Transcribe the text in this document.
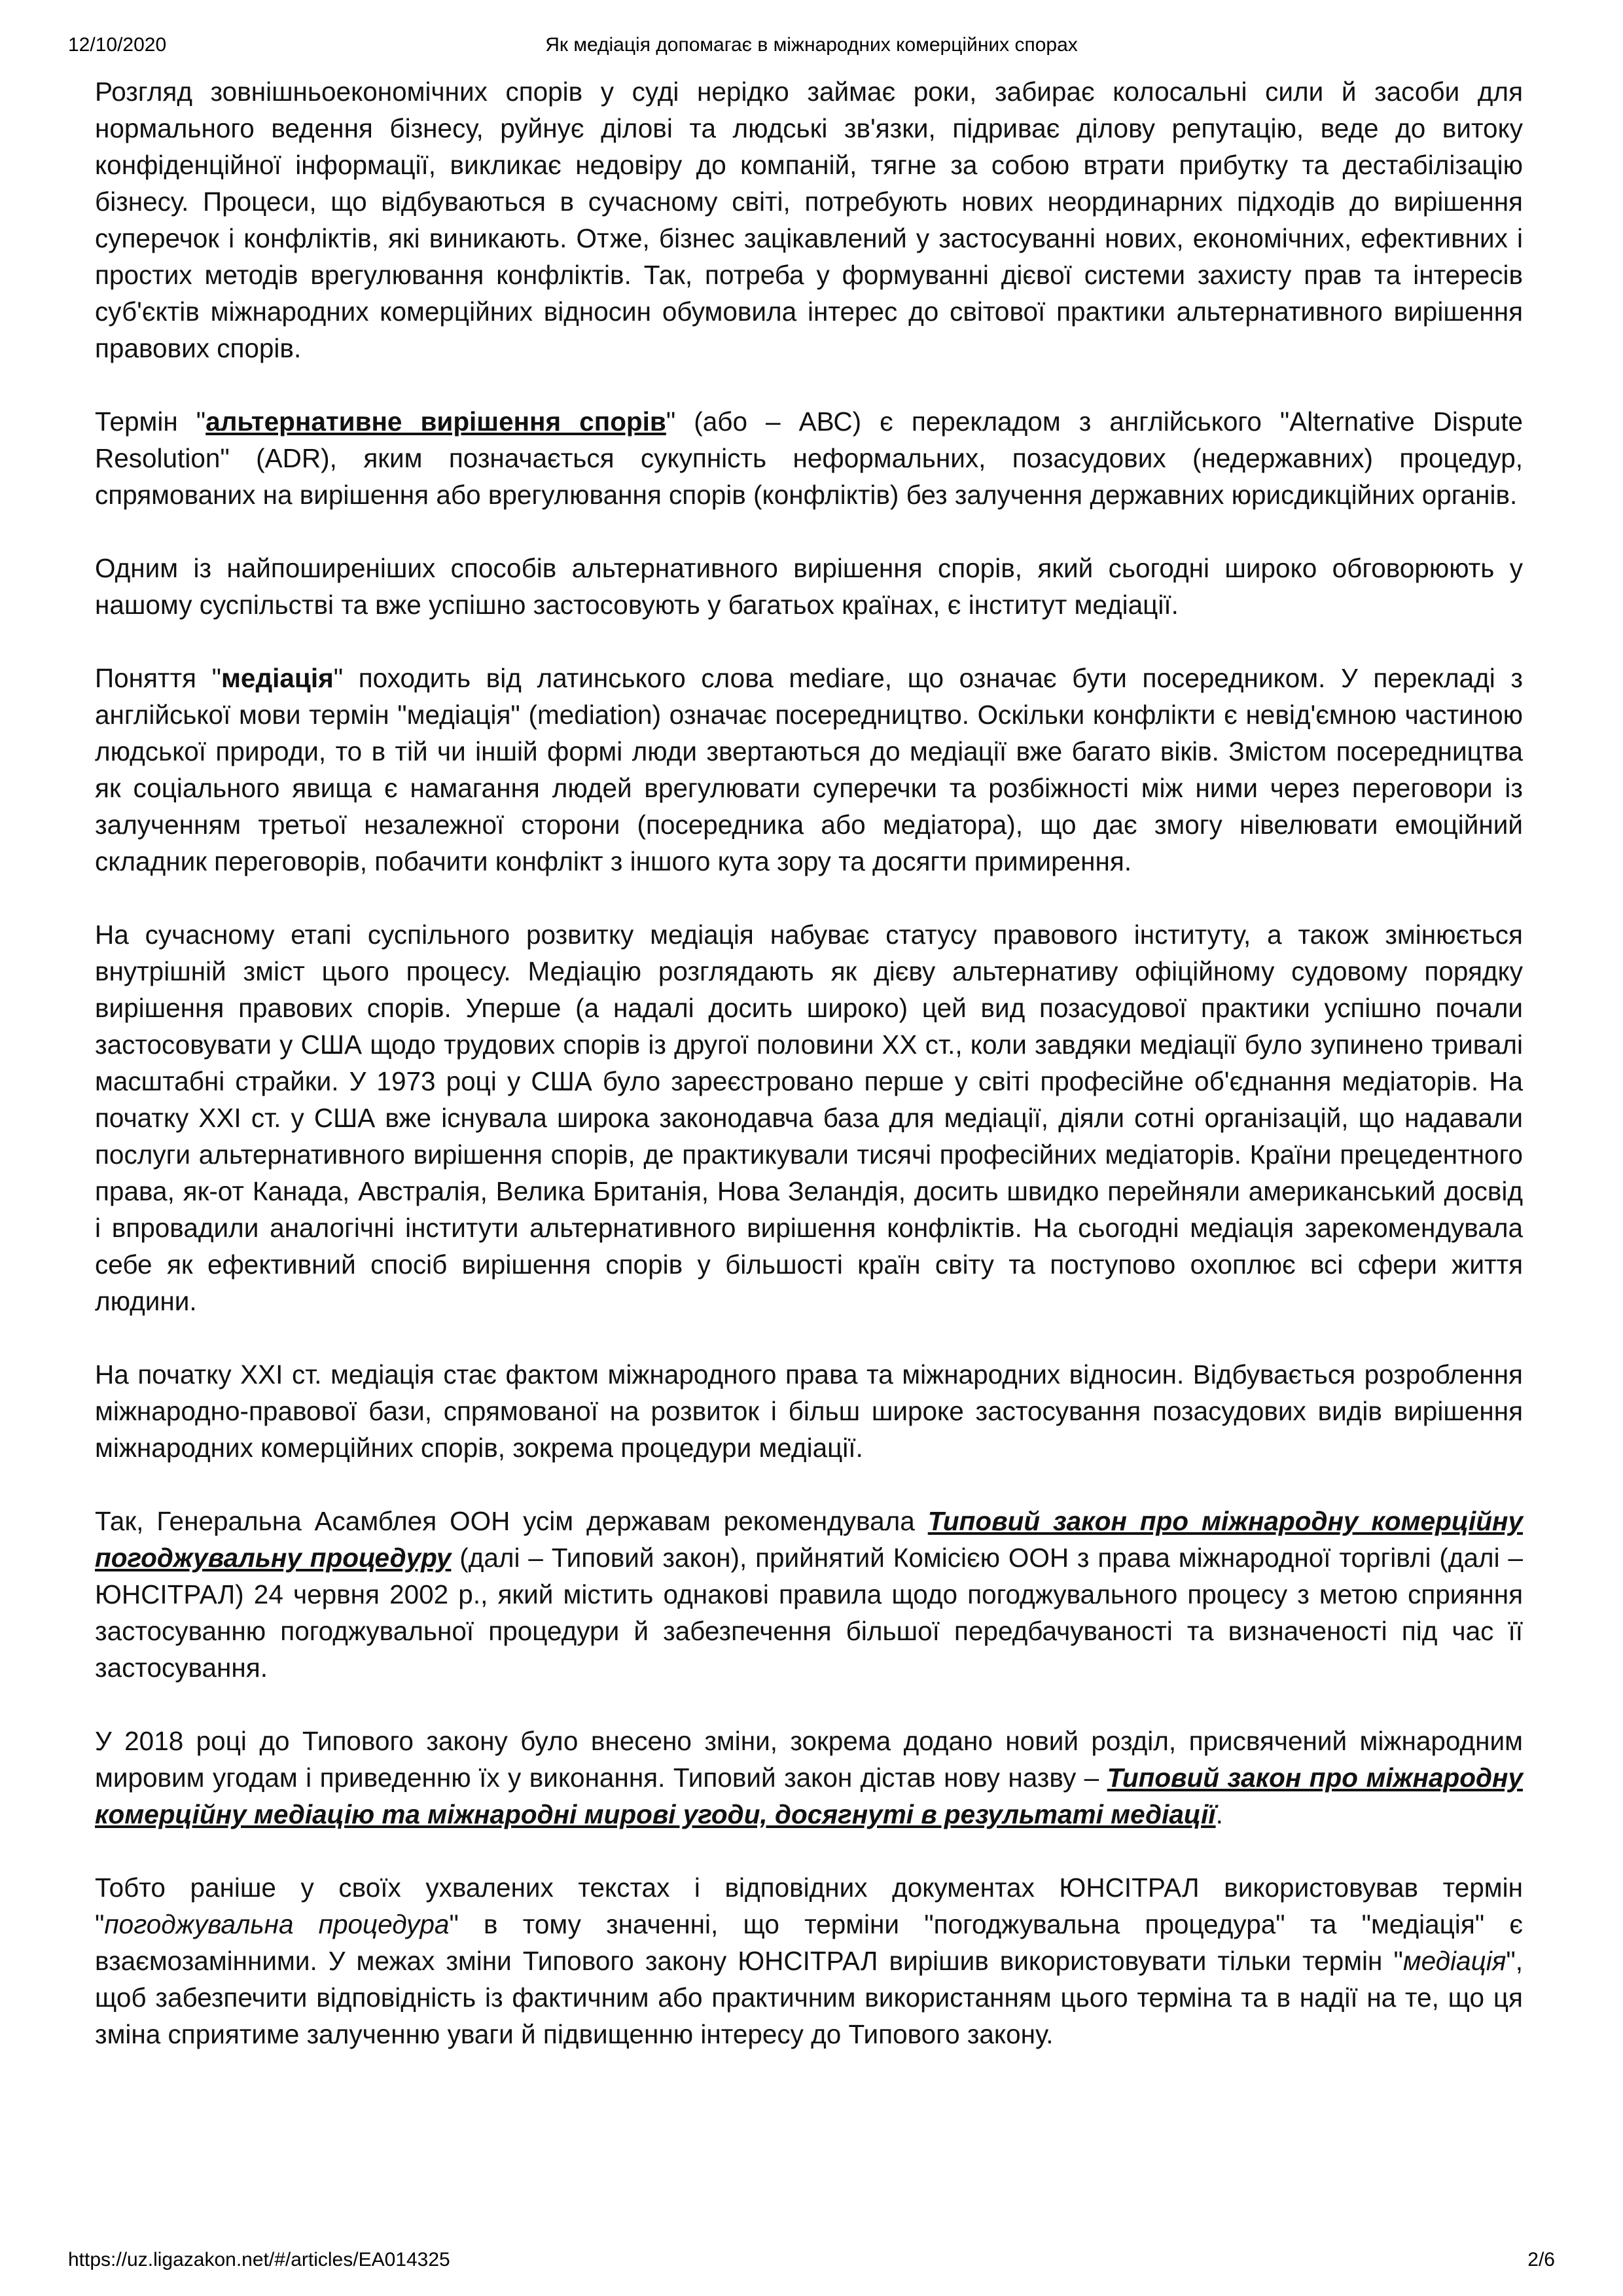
12/10/2020	Як медіація допомагає в міжнародних комерційних спорах

Розгляд зовнішньоекономічних спорів у суді нерідко займає роки, забирає колосальні сили й засоби для нормального ведення бізнесу, руйнує ділові та людські зв'язки, підриває ділову репутацію, веде до витоку конфіденційної інформації, викликає недовіру до компаній, тягне за собою втрати прибутку та дестабілізацію бізнесу. Процеси, що відбуваються в сучасному світі, потребують нових неординарних підходів до вирішення суперечок і конфліктів, які виникають. Отже, бізнес зацікавлений у застосуванні нових, економічних, ефективних і простих методів врегулювання конфліктів. Так, потреба у формуванні дієвої системи захисту прав та інтересів суб'єктів міжнародних комерційних відносин обумовила інтерес до світової практики альтернативного вирішення правових спорів.

Термін "альтернативне вирішення спорів" (або – АВС) є перекладом з англійського "Alternative Dispute Resolution" (ADR), яким позначається сукупність неформальних, позасудових (недержавних) процедур, спрямованих на вирішення або врегулювання спорів (конфліктів) без залучення державних юрисдикційних органів.

Одним із найпоширеніших способів альтернативного вирішення спорів, який сьогодні широко обговорюють у нашому суспільстві та вже успішно застосовують у багатьох країнах, є інститут медіації.

Поняття "медіація" походить від латинського слова mediare, що означає бути посередником. У перекладі з англійської мови термін "медіація" (mediation) означає посередництво. Оскільки конфлікти є невід'ємною частиною людської природи, то в тій чи іншій формі люди звертаються до медіації вже багато віків. Змістом посередництва як соціального явища є намагання людей врегулювати суперечки та розбіжності між ними через переговори із залученням третьої незалежної сторони (посередника або медіатора), що дає змогу нівелювати емоційний складник переговорів, побачити конфлікт з іншого кута зору та досягти примирення.

На сучасному етапі суспільного розвитку медіація набуває статусу правового інституту, а також змінюється внутрішній зміст цього процесу. Медіацію розглядають як дієву альтернативу офіційному судовому порядку вирішення правових спорів. Уперше (а надалі досить широко) цей вид позасудової практики успішно почали застосовувати у США щодо трудових спорів із другої половини XX ст., коли завдяки медіації було зупинено тривалі масштабні страйки. У 1973 році у США було зареєстровано перше у світі професійне об'єднання медіаторів. На початку XXI ст. у США вже існувала широка законодавча база для медіації, діяли сотні організацій, що надавали послуги альтернативного вирішення спорів, де практикували тисячі професійних медіаторів. Країни прецедентного права, як-от Канада, Австралія, Велика Британія, Нова Зеландія, досить швидко перейняли американський досвід і впровадили аналогічні інститути альтернативного вирішення конфліктів. На сьогодні медіація зарекомендувала себе як ефективний спосіб вирішення спорів у більшості країн світу та поступово охоплює всі сфери життя людини.

На початку XXI ст. медіація стає фактом міжнародного права та міжнародних відносин. Відбувається розроблення міжнародно-правової бази, спрямованої на розвиток і більш широке застосування позасудових видів вирішення міжнародних комерційних спорів, зокрема процедури медіації.

Так, Генеральна Асамблея ООН усім державам рекомендувала Типовий закон про міжнародну комерційну погоджувальну процедуру (далі – Типовий закон), прийнятий Комісією ООН з права міжнародної торгівлі (далі – ЮНСІТРАЛ) 24 червня 2002 р., який містить однакові правила щодо погоджувального процесу з метою сприяння застосуванню погоджувальної процедури й забезпечення більшої передбачуваності та визначеності під час її застосування.

У 2018 році до Типового закону було внесено зміни, зокрема додано новий розділ, присвячений міжнародним мировим угодам і приведенню їх у виконання. Типовий закон дістав нову назву – Типовий закон про міжнародну комерційну медіацію та міжнародні мирові угоди, досягнуті в результаті медіації.

Тобто раніше у своїх ухвалених текстах і відповідних документах ЮНСІТРАЛ використовував термін "погоджувальна процедура" в тому значенні, що терміни "погоджувальна процедура" та "медіація" є взаємозамінними. У межах зміни Типового закону ЮНСІТРАЛ вирішив використовувати тільки термін "медіація", щоб забезпечити відповідність із фактичним або практичним використанням цього терміна та в надії на те, що ця зміна сприятиме залученню уваги й підвищенню інтересу до Типового закону.

https://uz.ligazakon.net/#/articles/EA014325	2/6
